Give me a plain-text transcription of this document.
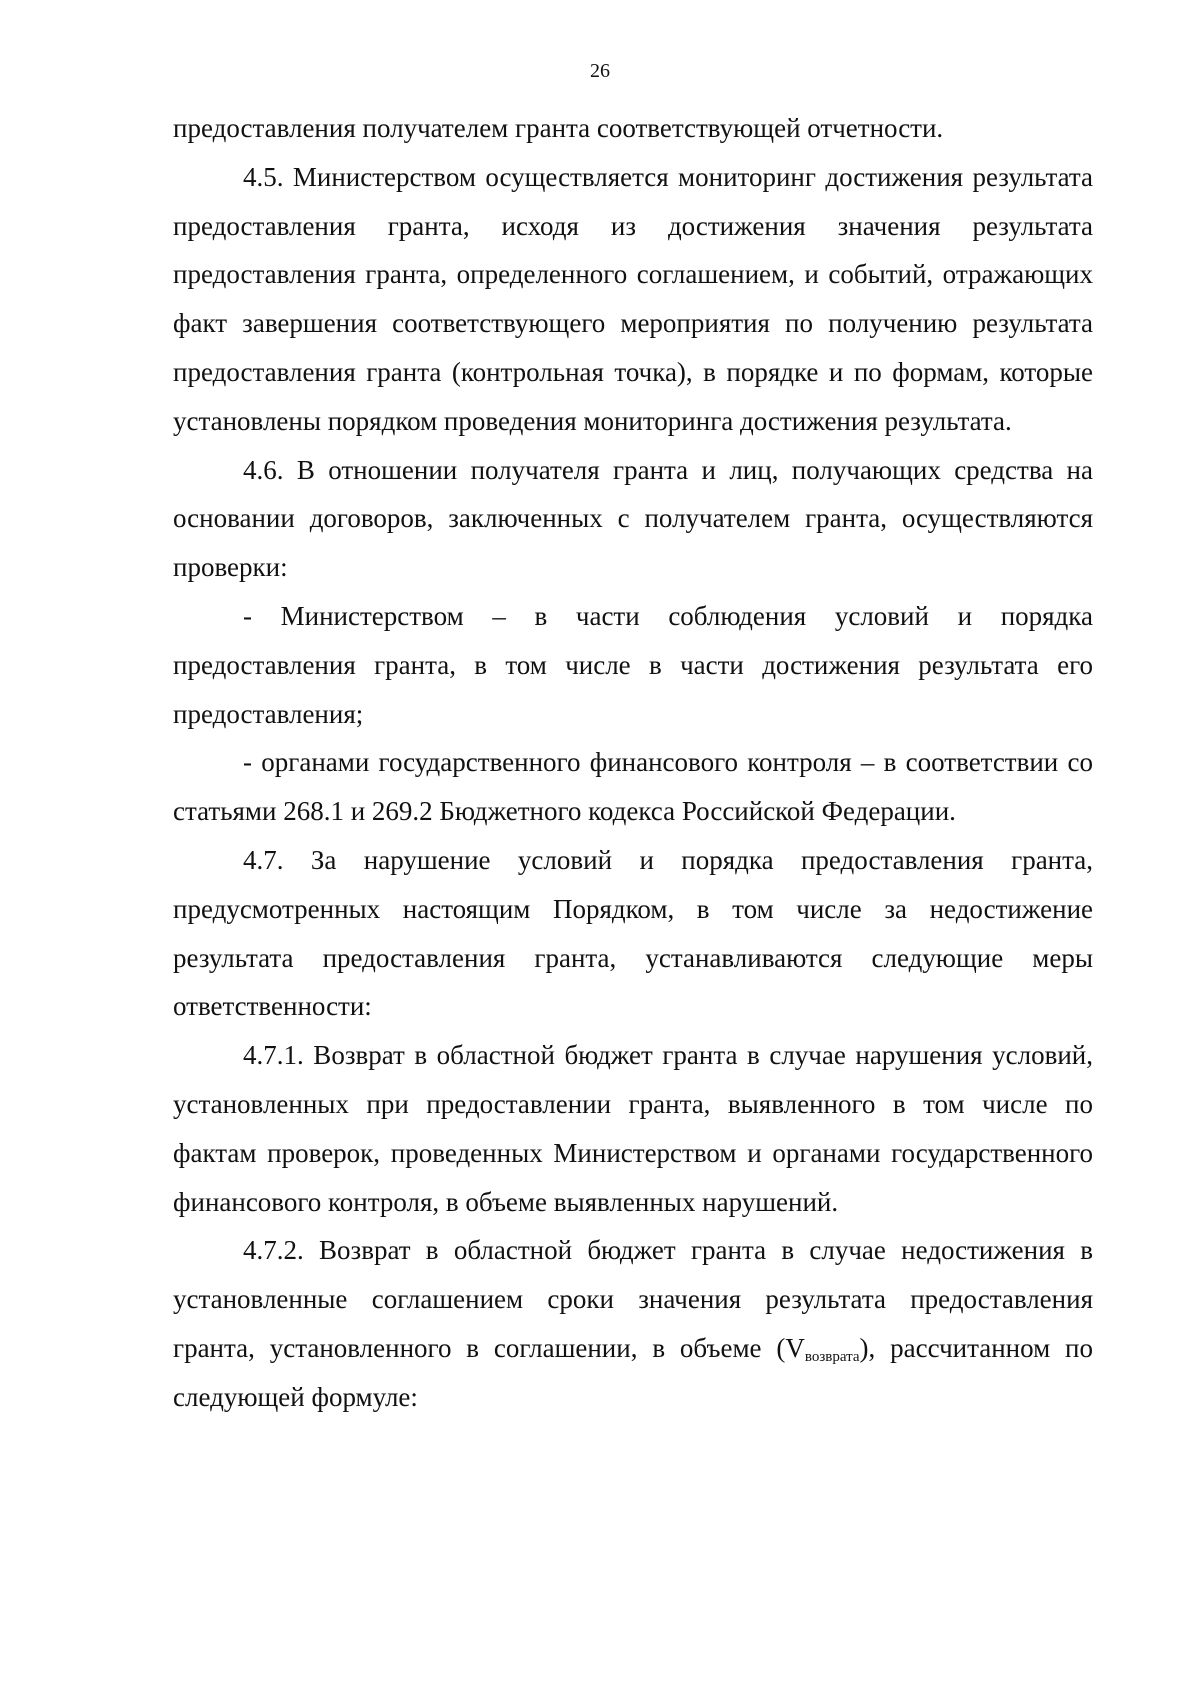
26

предоставления получателем гранта соответствующей отчетности.

4.5. Министерством осуществляется мониторинг достижения результата предоставления гранта, исходя из достижения значения результата предоставления гранта, определенного соглашением, и событий, отражающих факт завершения соответствующего мероприятия по получению результата предоставления гранта (контрольная точка), в порядке и по формам, которые установлены порядком проведения мониторинга достижения результата.

4.6. В отношении получателя гранта и лиц, получающих средства на основании договоров, заключенных с получателем гранта, осуществляются проверки:

- Министерством – в части соблюдения условий и порядка предоставления гранта, в том числе в части достижения результата его предоставления;

- органами государственного финансового контроля – в соответствии со статьями 268.1 и 269.2 Бюджетного кодекса Российской Федерации.

4.7. За нарушение условий и порядка предоставления гранта, предусмотренных настоящим Порядком, в том числе за недостижение результата предоставления гранта, устанавливаются следующие меры ответственности:

4.7.1. Возврат в областной бюджет гранта в случае нарушения условий, установленных при предоставлении гранта, выявленного в том числе по фактам проверок, проведенных Министерством и органами государственного финансового контроля, в объеме выявленных нарушений.

4.7.2. Возврат в областной бюджет гранта в случае недостижения в установленные соглашением сроки значения результата предоставления гранта, установленного в соглашении, в объеме $(V_{возврата})$, рассчитанном по следующей формуле:
